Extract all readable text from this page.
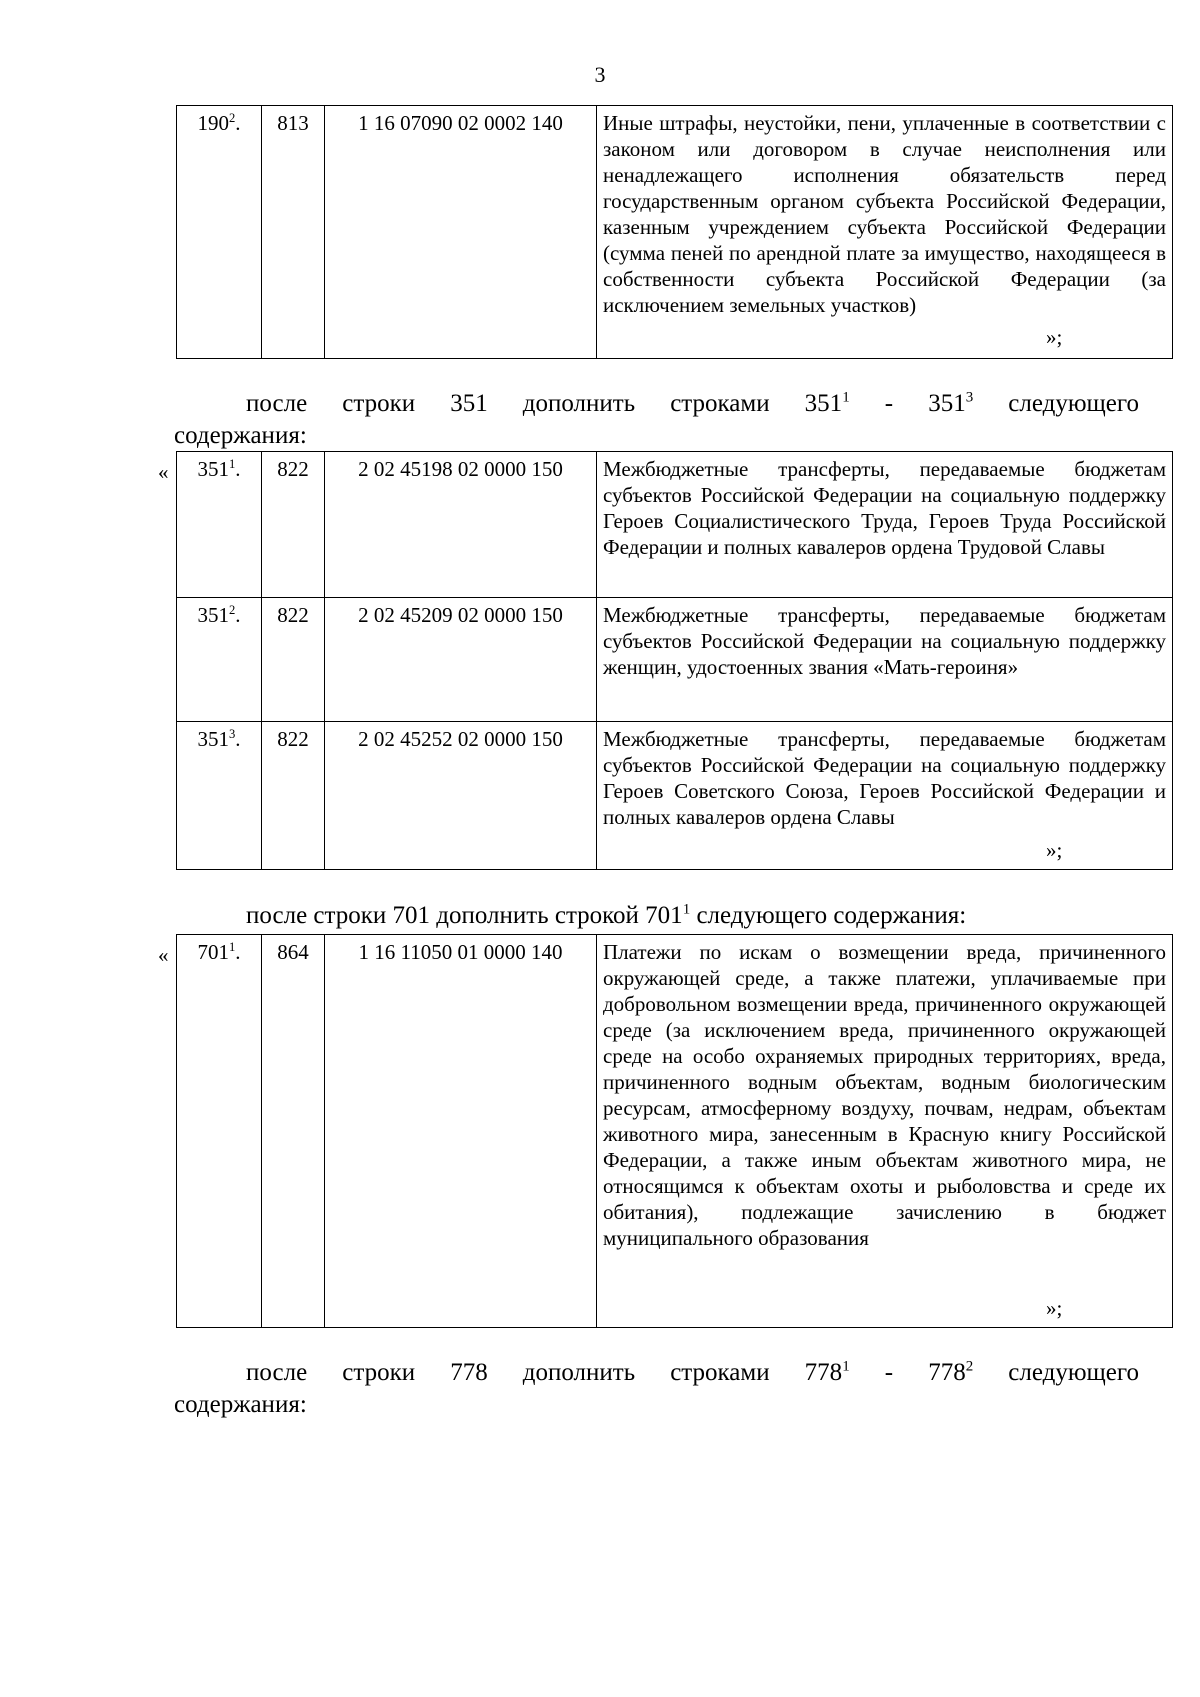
3
$190^2$.	813	1 16 07090 02 0002 140	Иные штрафы, неустойки, пени, уплаченные в соответствии с законом или договором в случае неисполнения или ненадлежащего исполнения обязательств перед государственным органом субъекта Российской Федерации, казенным учреждением субъекта Российской Федерации (сумма пеней по арендной плате за имущество, находящееся в собственности субъекта Российской Федерации (за исключением земельных участков)
»;
после строки 351 дополнить строками $351^1 - 351^3$ следующего
содержания:
« $351^1$.	822	2 02 45198 02 0000 150	Межбюджетные трансферты, передаваемые бюджетам субъектов Российской Федерации на социальную поддержку Героев Социалистического Труда, Героев Труда Российской Федерации и полных кавалеров ордена Трудовой Славы
$351^2$.	822	2 02 45209 02 0000 150	Межбюджетные трансферты, передаваемые бюджетам субъектов Российской Федерации на социальную поддержку женщин, удостоенных звания «Мать-героиня»
$351^3$.	822	2 02 45252 02 0000 150	Межбюджетные трансферты, передаваемые бюджетам субъектов Российской Федерации на социальную поддержку Героев Советского Союза, Героев Российской Федерации и полных кавалеров ордена Славы
»;
после строки 701 дополнить строкой $701^1$ следующего содержания:
« $701^1$.	864	1 16 11050 01 0000 140	Платежи по искам о возмещении вреда, причиненного окружающей среде, а также платежи, уплачиваемые при добровольном возмещении вреда, причиненного окружающей среде (за исключением вреда, причиненного окружающей среде на особо охраняемых природных территориях, вреда, причиненного водным объектам, водным биологическим ресурсам, атмосферному воздуху, почвам, недрам, объектам животного мира, занесенным в Красную книгу Российской Федерации, а также иным объектам животного мира, не относящимся к объектам охоты и рыболовства и среде их обитания), подлежащие зачислению в бюджет муниципального образования
»;
после строки 778 дополнить строками $778^1 - 778^2$ следующего
содержания:
